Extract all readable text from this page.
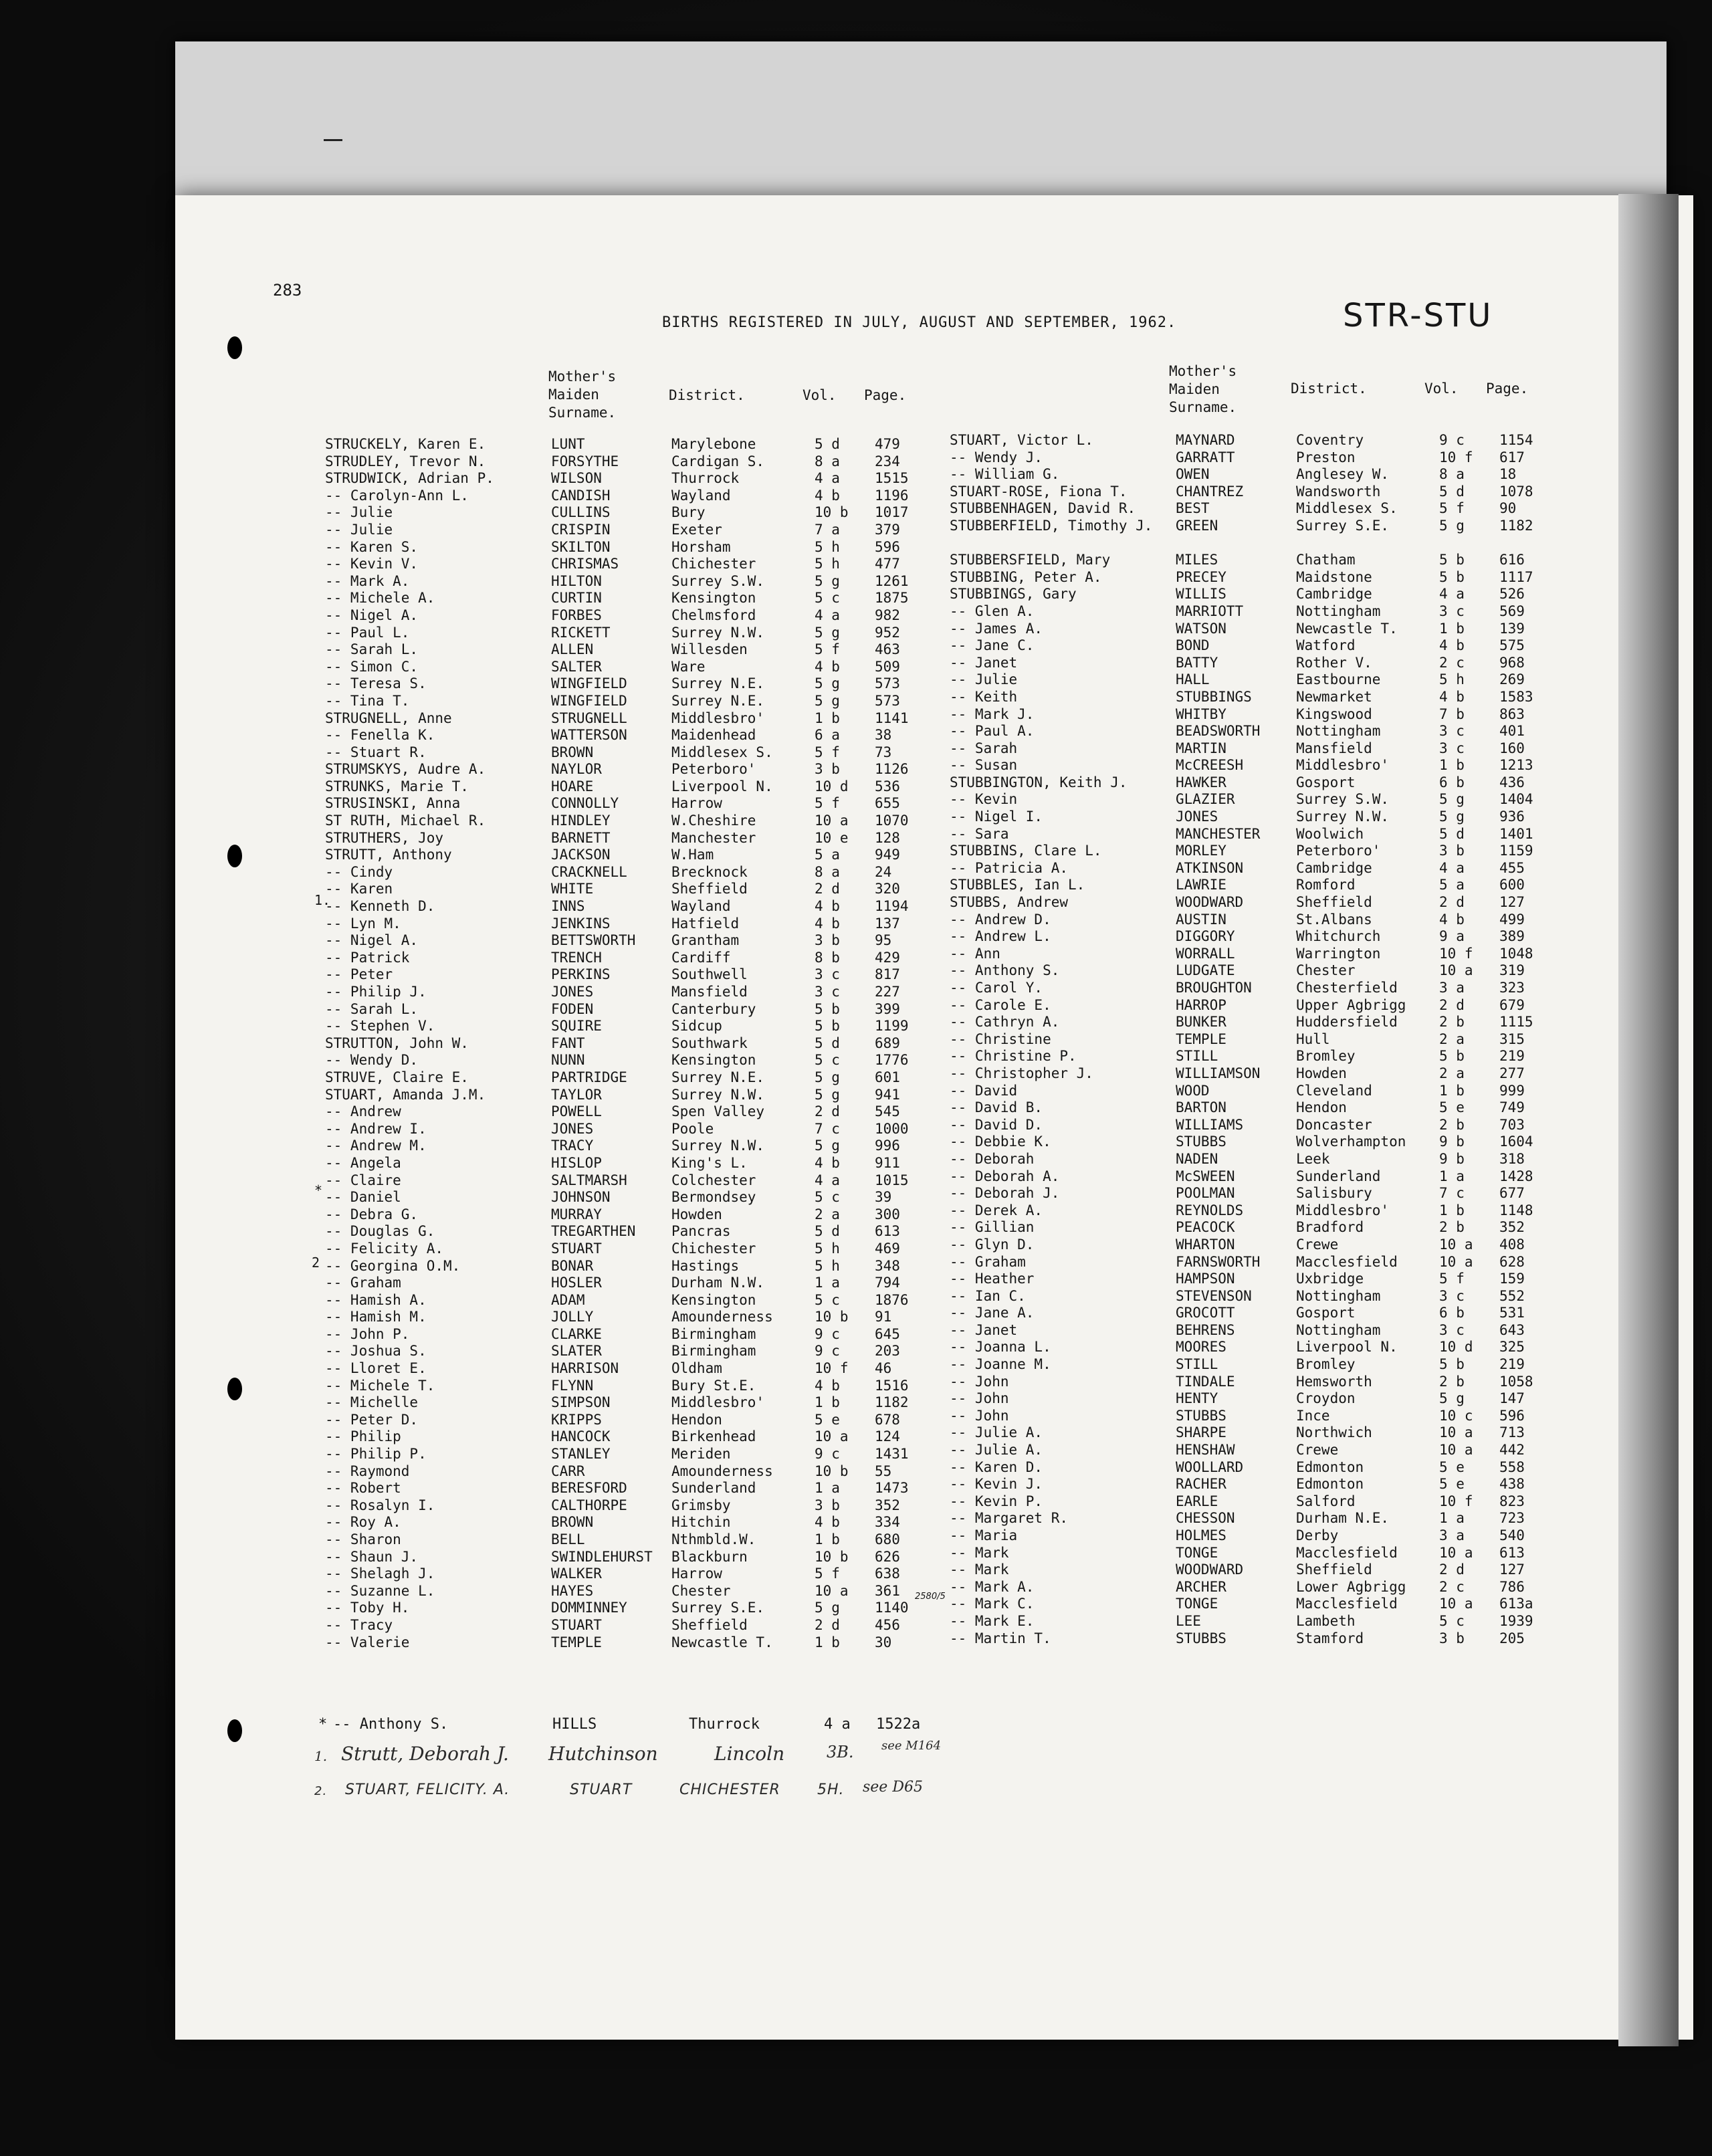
283
BIRTHS REGISTERED IN JULY, AUGUST AND SEPTEMBER, 1962.	STR-STU
Mother's
Maiden
Surname.
District.	Vol. Page.
Mother's
Maiden
Surname.
District.	Vol. Page.
STRUCKELY, Karen E.	LUNT	Marylebone	5 d 479
STRUDLEY, Trevor N.	FORSYTHE	Cardigan S.	8 a 234
STRUDWICK, Adrian P.	WILSON	Thurrock	4 a 1515
-- Carolyn-Ann L.	CANDISH	Wayland	4 b 1196
-- Julie	CULLINS	Bury	10 b 1017
-- Julie	CRISPIN	Exeter	7 a 379
-- Karen S.	SKILTON	Horsham	5 h 596
-- Kevin V.	CHRISMAS	Chichester	5 h 477
-- Mark A.	HILTON	Surrey S.W.	5 g 1261
-- Michele A.	CURTIN	Kensington	5 c 1875
-- Nigel A.	FORBES	Chelmsford	4 a 982
-- Paul L.	RICKETT	Surrey N.W.	5 g 952
-- Sarah L.	ALLEN	Willesden	5 f 463
-- Simon C.	SALTER	Ware	4 b 509
-- Teresa S.	WINGFIELD	Surrey N.E.	5 g 573
-- Tina T.	WINGFIELD	Surrey N.E.	5 g 573
STRUGNELL, Anne	STRUGNELL	Middlesbro'	1 b 1141
-- Fenella K.	WATTERSON	Maidenhead	6 a 38
-- Stuart R.	BROWN	Middlesex S.	5 f 73
STRUMSKYS, Audre A.	NAYLOR	Peterboro'	3 b 1126
STRUNKS, Marie T.	HOARE	Liverpool N.	10 d 536
STRUSINSKI, Anna	CONNOLLY	Harrow	5 f 655
ST RUTH, Michael R.	HINDLEY	W.Cheshire	10 a 1070
STRUTHERS, Joy	BARNETT	Manchester	10 e 128
STRUTT, Anthony	JACKSON	W.Ham	5 a 949
-- Cindy	CRACKNELL	Brecknock	8 a 24
-- Karen	WHITE	Sheffield	2 d 320
-- Kenneth D.	INNS	Wayland	4 b 1194
-- Lyn M.	JENKINS	Hatfield	4 b 137
-- Nigel A.	BETTSWORTH	Grantham	3 b 95
-- Patrick	TRENCH	Cardiff	8 b 429
-- Peter	PERKINS	Southwell	3 c 817
-- Philip J.	JONES	Mansfield	3 c 227
-- Sarah L.	FODEN	Canterbury	5 b 399
-- Stephen V.	SQUIRE	Sidcup	5 b 1199
STRUTTON, John W.	FANT	Southwark	5 d 689
-- Wendy D.	NUNN	Kensington	5 c 1776
STRUVE, Claire E.	PARTRIDGE	Surrey N.E.	5 g 601
STUART, Amanda J.M.	TAYLOR	Surrey N.W.	5 g 941
-- Andrew	POWELL	Spen Valley	2 d 545
-- Andrew I.	JONES	Poole	7 c 1000
-- Andrew M.	TRACY	Surrey N.W.	5 g 996
-- Angela	HISLOP	King's L.	4 b 911
-- Claire	SALTMARSH	Colchester	4 a 1015
-- Daniel	JOHNSON	Bermondsey	5 c 39
-- Debra G.	MURRAY	Howden	2 a 300
-- Douglas G.	TREGARTHEN	Pancras	5 d 613
-- Felicity A.	STUART	Chichester	5 h 469
-- Georgina O.M.	BONAR	Hastings	5 h 348
-- Graham	HOSLER	Durham N.W.	1 a 794
-- Hamish A.	ADAM	Kensington	5 c 1876
-- Hamish M.	JOLLY	Amounderness	10 b 91
-- John P.	CLARKE	Birmingham	9 c 645
-- Joshua S.	SLATER	Birmingham	9 c 203
-- Lloret E.	HARRISON	Oldham	10 f 46
-- Michele T.	FLYNN	Bury St.E.	4 b 1516
-- Michelle	SIMPSON	Middlesbro'	1 b 1182
-- Peter D.	KRIPPS	Hendon	5 e 678
-- Philip	HANCOCK	Birkenhead	10 a 124
-- Philip P.	STANLEY	Meriden	9 c 1431
-- Raymond	CARR	Amounderness	10 b 55
-- Robert	BERESFORD	Sunderland	1 a 1473
-- Rosalyn I.	CALTHORPE	Grimsby	3 b 352
-- Roy A.	BROWN	Hitchin	4 b 334
-- Sharon	BELL	Nthmbld.W.	1 b 680
-- Shaun J.	SWINDLEHURST Blackburn	10 b 626
-- Shelagh J.	WALKER	Harrow	5 f 638
-- Suzanne L.	HAYES	Chester	10 a 361
-- Toby H.	DOMMINNEY	Surrey S.E.	5 g 1140
-- Tracy	STUART	Sheffield	2 d 456
-- Valerie	TEMPLE	Newcastle T.	1 b 30
STUART, Victor L.	MAYNARD	Coventry	9 c 1154
-- Wendy J.	GARRATT	Preston	10 f 617
-- William G.	OWEN	Anglesey W.	8 a 18
STUART-ROSE, Fiona T.	CHANTREZ	Wandsworth	5 d 1078
STUBBENHAGEN, David R.	BEST	Middlesex S.	5 f 90
STUBBERFIELD, Timothy J. GREEN	Surrey S.E.	5 g 1182
STUBBERSFIELD, Mary	MILES	Chatham	5 b 616
STUBBING, Peter A.	PRECEY	Maidstone	5 b 1117
STUBBINGS, Gary	WILLIS	Cambridge	4 a 526
-- Glen A.	MARRIOTT	Nottingham	3 c 569
-- James A.	WATSON	Newcastle T.	1 b 139
-- Jane C.	BOND	Watford	4 b 575
-- Janet	BATTY	Rother V.	2 c 968
-- Julie	HALL	Eastbourne	5 h 269
-- Keith	STUBBINGS	Newmarket	4 b 1583
-- Mark J.	WHITBY	Kingswood	7 b 863
-- Paul A.	BEADSWORTH	Nottingham	3 c 401
-- Sarah	MARTIN	Mansfield	3 c 160
-- Susan	McCREESH	Middlesbro'	1 b 1213
STUBBINGTON, Keith J.	HAWKER	Gosport	6 b 436
-- Kevin	GLAZIER	Surrey S.W.	5 g 1404
-- Nigel I.	JONES	Surrey N.W.	5 g 936
-- Sara	MANCHESTER	Woolwich	5 d 1401
STUBBINS, Clare L.	MORLEY	Peterboro'	3 b 1159
-- Patricia A.	ATKINSON	Cambridge	4 a 455
STUBBLES, Ian L.	LAWRIE	Romford	5 a 600
STUBBS, Andrew	WOODWARD	Sheffield	2 d 127
-- Andrew D.	AUSTIN	St.Albans	4 b 499
-- Andrew L.	DIGGORY	Whitchurch	9 a 389
-- Ann	WORRALL	Warrington	10 f 1048
-- Anthony S.	LUDGATE	Chester	10 a 319
-- Carol Y.	BROUGHTON	Chesterfield	3 a 323
-- Carole E.	HARROP	Upper Agbrigg 2 d 679
-- Cathryn A.	BUNKER	Huddersfield	2 b 1115
-- Christine	TEMPLE	Hull	2 a 315
-- Christine P.	STILL	Bromley	5 b 219
-- Christopher J.	WILLIAMSON	Howden	2 a 277
-- David	WOOD	Cleveland	1 b 999
-- David B.	BARTON	Hendon	5 e 749
-- David D.	WILLIAMS	Doncaster	2 b 703
-- Debbie K.	STUBBS	Wolverhampton 9 b 1604
-- Deborah	NADEN	Leek	9 b 318
-- Deborah A.	McSWEEN	Sunderland	1 a 1428
-- Deborah J.	POOLMAN	Salisbury	7 c 677
-- Derek A.	REYNOLDS	Middlesbro'	1 b 1148
-- Gillian	PEACOCK	Bradford	2 b 352
-- Glyn D.	WHARTON	Crewe	10 a 408
-- Graham	FARNSWORTH	Macclesfield	10 a 628
-- Heather	HAMPSON	Uxbridge	5 f 159
-- Ian C.	STEVENSON	Nottingham	3 c 552
-- Jane A.	GROCOTT	Gosport	6 b 531
-- Janet	BEHRENS	Nottingham	3 c 643
-- Joanna L.	MOORES	Liverpool N.	10 d 325
-- Joanne M.	STILL	Bromley	5 b 219
-- John	TINDALE	Hemsworth	2 b 1058
-- John	HENTY	Croydon	5 g 147
-- John	STUBBS	Ince	10 c 596
-- Julie A.	SHARPE	Northwich	10 a 713
-- Julie A.	HENSHAW	Crewe	10 a 442
-- Karen D.	WOOLLARD	Edmonton	5 e 558
-- Kevin J.	RACHER	Edmonton	5 e 438
-- Kevin P.	EARLE	Salford	10 f 823
-- Margaret R.	CHESSON	Durham N.E.	1 a 723
-- Maria	HOLMES	Derby	3 a 540
-- Mark	TONGE	Macclesfield	10 a 613
-- Mark	WOODWARD	Sheffield	2 d 127
-- Mark A.	ARCHER	Lower Agbrigg 2 c 786
-- Mark C.	TONGE	Macclesfield	10 a 613a
-- Mark E.	LEE	Lambeth	5 c 1939
-- Martin T.	STUBBS	Stamford	3 b 205
1.
*
2
2580/5
* -- Anthony S.	HILLS	Thurrock	4 a 1522a
1. Strutt, Deborah J. Hutchinson	Lincoln	3B. see M164
2. STUART, FELICITY. A.	STUART	CHICHESTER	5H. see D65
